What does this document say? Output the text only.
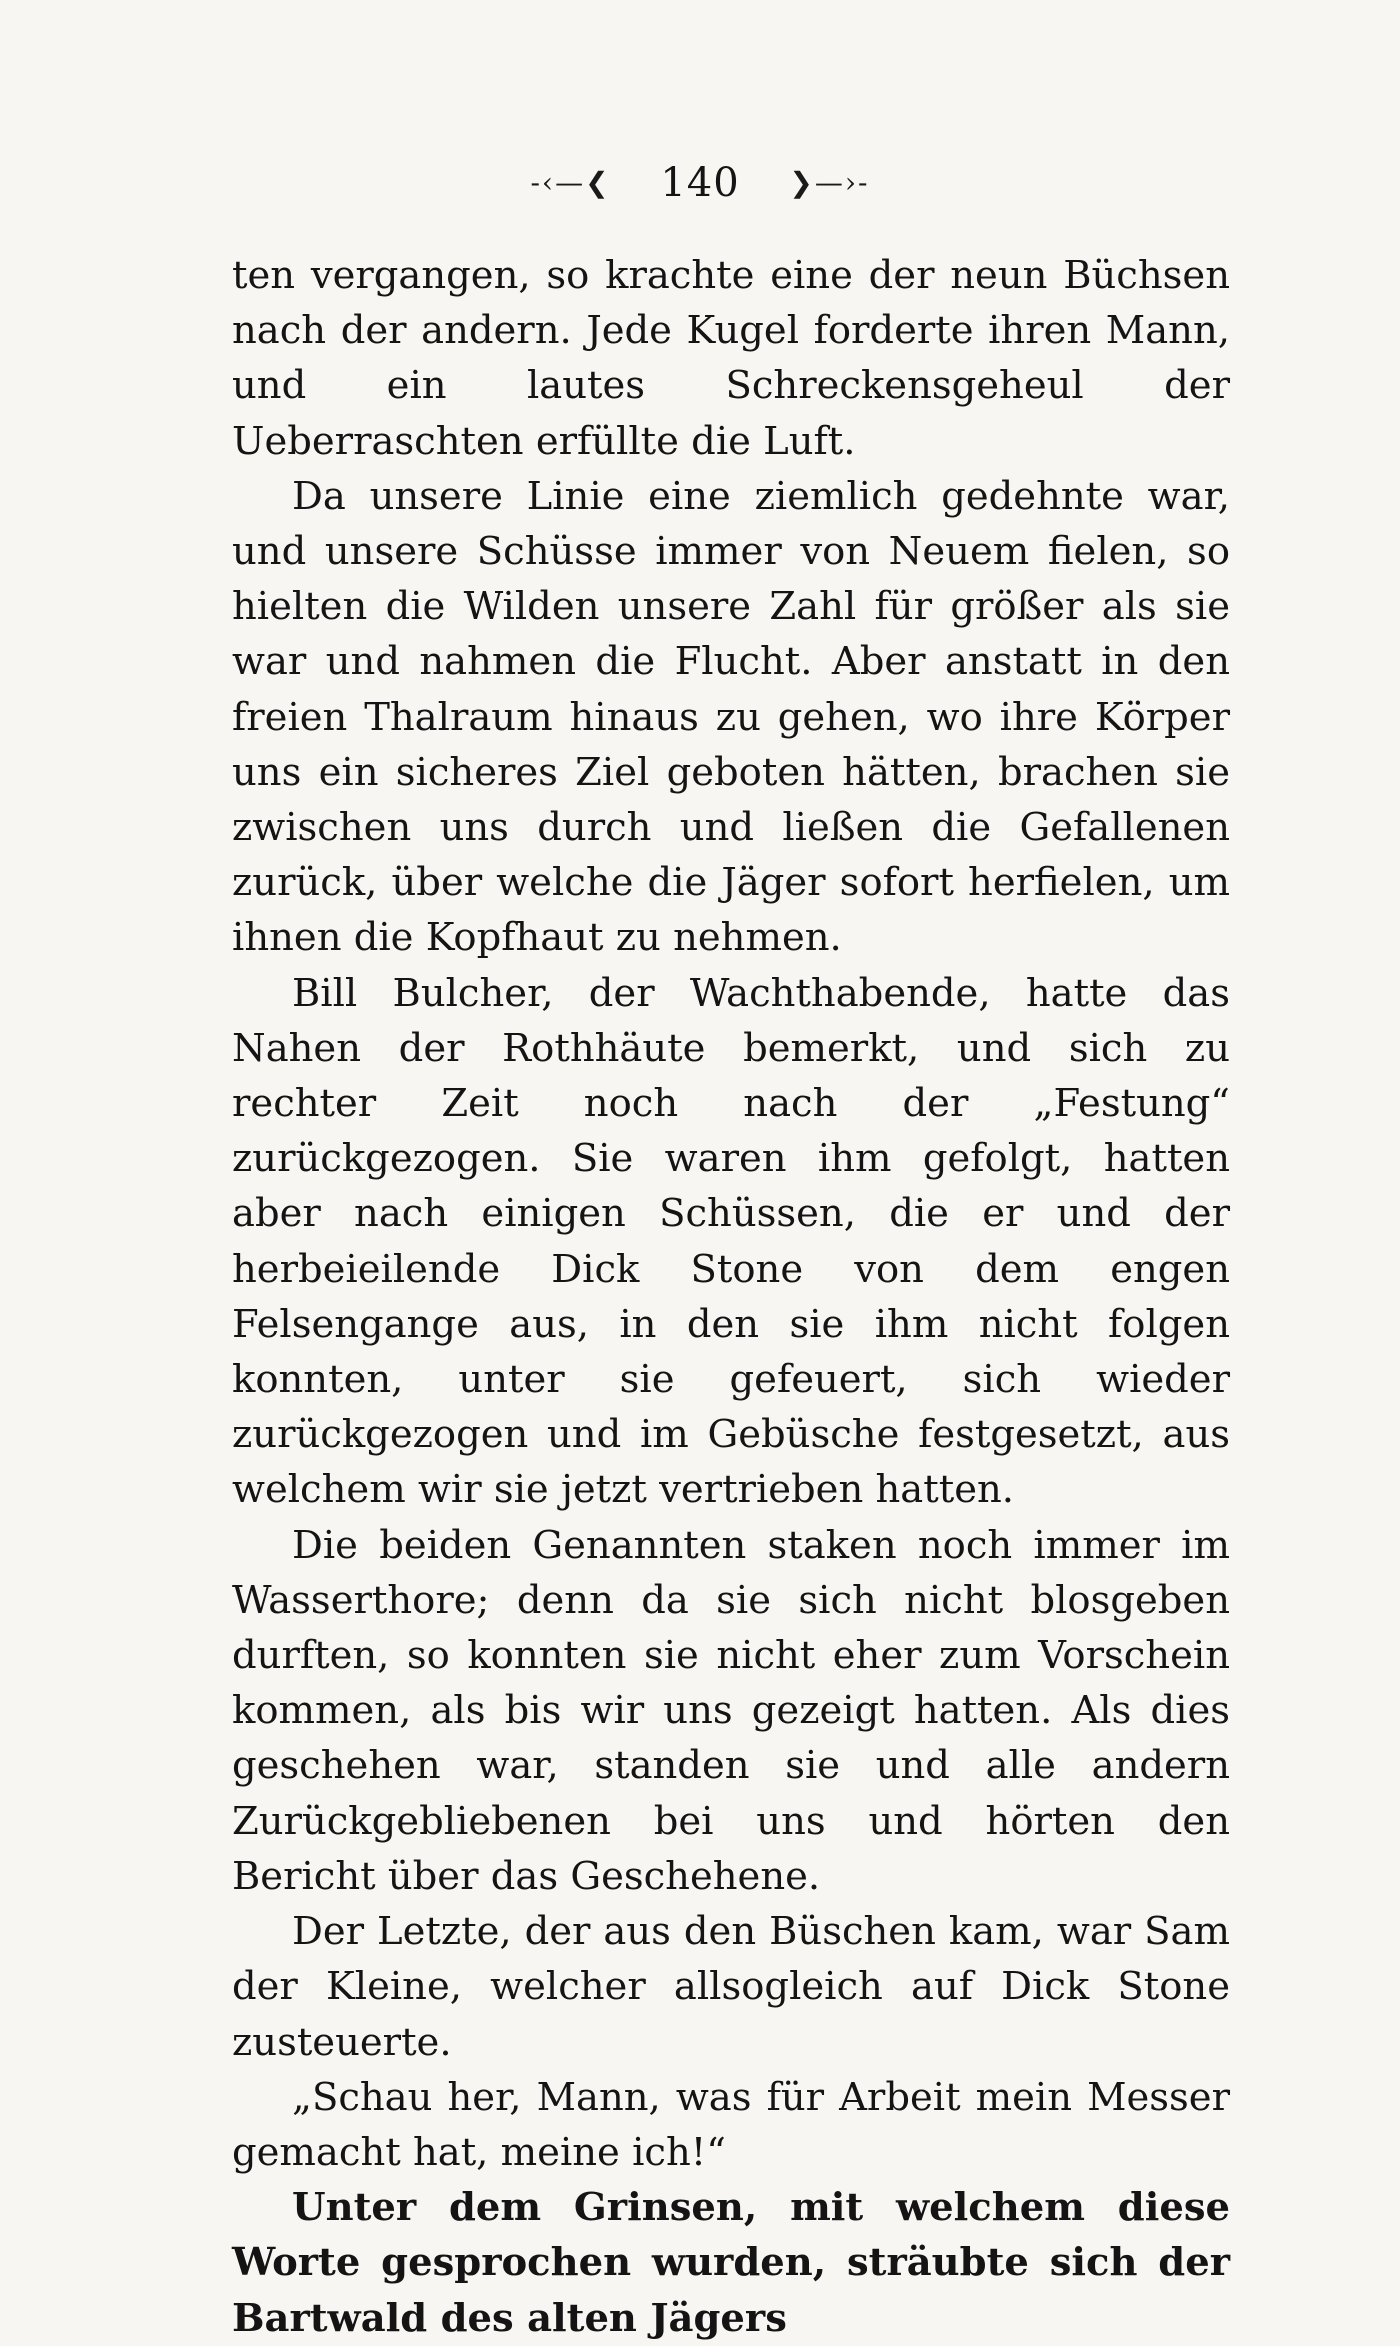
-‹—❮ 140 ❯—›-

ten vergangen, so krachte eine der neun Büchsen nach der andern. Jede Kugel forderte ihren Mann, und ein lautes Schreckensgeheul der Ueberraschten erfüllte die Luft.

Da unsere Linie eine ziemlich gedehnte war, und unsere Schüsse immer von Neuem fielen, so hielten die Wilden unsere Zahl für größer als sie war und nahmen die Flucht. Aber anstatt in den freien Thalraum hinaus zu gehen, wo ihre Körper uns ein sicheres Ziel geboten hätten, brachen sie zwischen uns durch und ließen die Gefallenen zurück, über welche die Jäger sofort herfielen, um ihnen die Kopfhaut zu nehmen.

Bill Bulcher, der Wachthabende, hatte das Nahen der Rothhäute bemerkt, und sich zu rechter Zeit noch nach der „Festung“ zurückgezogen. Sie waren ihm gefolgt, hatten aber nach einigen Schüssen, die er und der herbeieilende Dick Stone von dem engen Felsengange aus, in den sie ihm nicht folgen konnten, unter sie gefeuert, sich wieder zurückgezogen und im Gebüsche festgesetzt, aus welchem wir sie jetzt vertrieben hatten.

Die beiden Genannten staken noch immer im Wasserthore; denn da sie sich nicht blosgeben durften, so konnten sie nicht eher zum Vorschein kommen, als bis wir uns gezeigt hatten. Als dies geschehen war, standen sie und alle andern Zurückgebliebenen bei uns und hörten den Bericht über das Geschehene.

Der Letzte, der aus den Büschen kam, war Sam der Kleine, welcher allsogleich auf Dick Stone zusteuerte.

„Schau her, Mann, was für Arbeit mein Messer gemacht hat, meine ich!“

Unter dem Grinsen, mit welchem diese Worte gesprochen wurden, sträubte sich der Bartwald des alten Jägers
